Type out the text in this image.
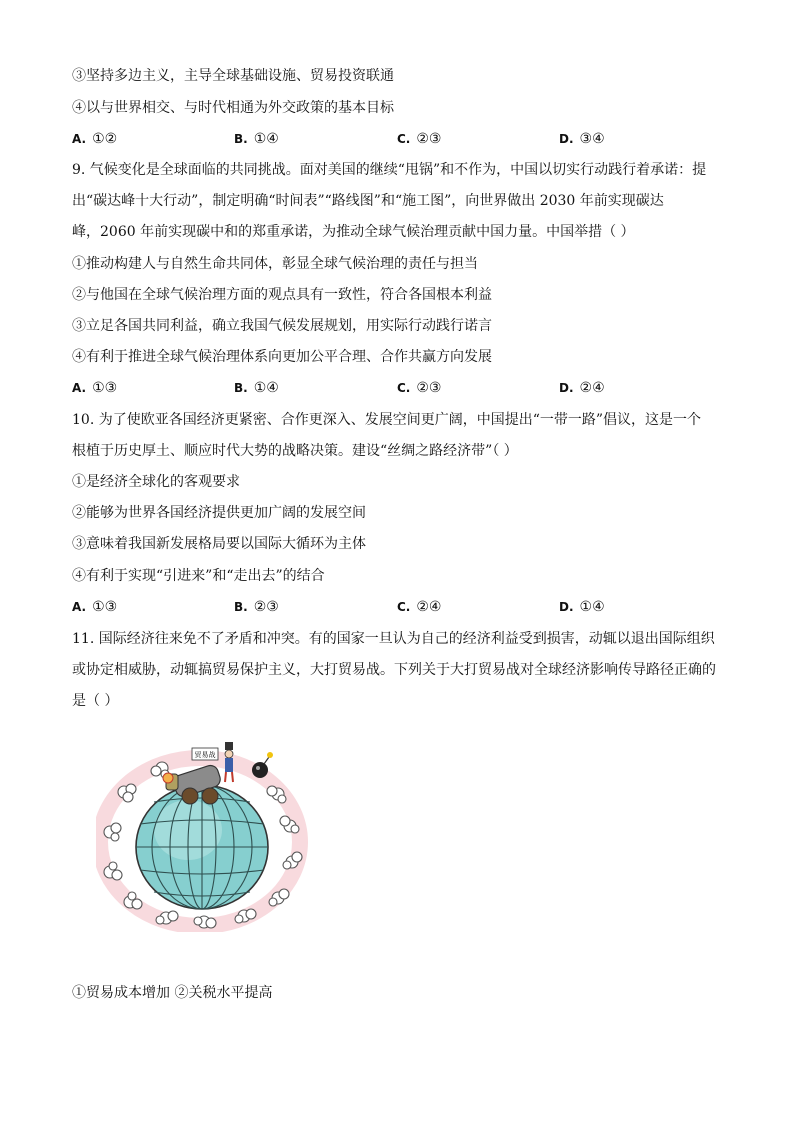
③坚持多边主义，主导全球基础设施、贸易投资联通
④以与世界相交、与时代相通为外交政策的基本目标
A. ①②	B. ①④	C. ②③	D. ③④
9. 气候变化是全球面临的共同挑战。面对美国的继续“甩锅”和不作为，中国以切实行动践行着承诺：提
出“碳达峰十大行动”，制定明确“时间表”“路线图”和“施工图”，向世界做出 2030 年前实现碳达
峰，2060 年前实现碳中和的郑重承诺，为推动全球气候治理贡献中国力量。中国举措（ ）
①推动构建人与自然生命共同体，彰显全球气候治理的责任与担当
②与他国在全球气候治理方面的观点具有一致性，符合各国根本利益
③立足各国共同利益，确立我国气候发展规划，用实际行动践行诺言
④有利于推进全球气候治理体系向更加公平合理、合作共赢方向发展
A. ①③	B. ①④	C. ②③	D. ②④
10. 为了使欧亚各国经济更紧密、合作更深入、发展空间更广阔，中国提出“一带一路”倡议，这是一个
根植于历史厚土、顺应时代大势的战略决策。建设“丝绸之路经济带”（ ）
①是经济全球化的客观要求
②能够为世界各国经济提供更加广阔的发展空间
③意味着我国新发展格局要以国际大循环为主体
④有利于实现“引进来”和“走出去”的结合
A. ①③	B. ②③	C. ②④	D. ①④
11. 国际经济往来免不了矛盾和冲突。有的国家一旦认为自己的经济利益受到损害，动辄以退出国际组织
或协定相威胁，动辄搞贸易保护主义，大打贸易战。下列关于大打贸易战对全球经济影响传导路径正确的
是（ ）
贸易战
①贸易成本增加 ②关税水平提高
